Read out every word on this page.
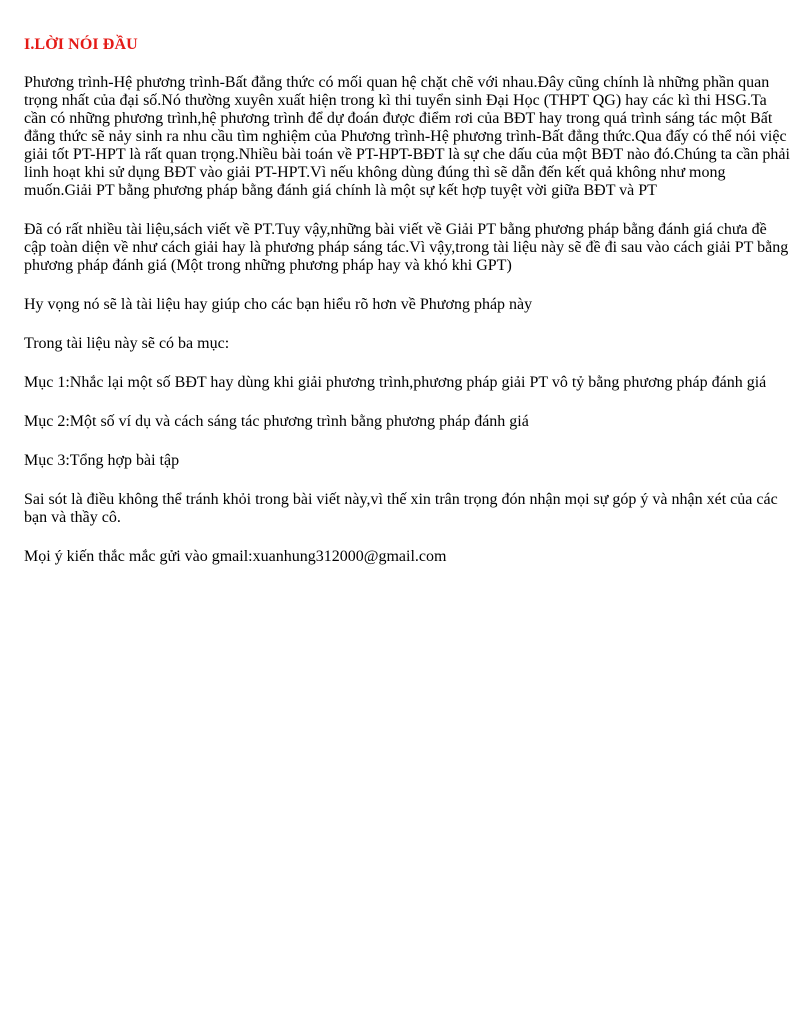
I.LỜI NÓI ĐẦU

Phương trình-Hệ phương trình-Bất đẳng thức có mối quan hệ chặt chẽ với nhau.Đây cũng chính là những phần quan trọng nhất của đại số.Nó thường xuyên xuất hiện trong kì thi tuyển sinh Đại Học (THPT QG) hay các kì thi HSG.Ta cần có những phương trình,hệ phương trình để dự đoán được điểm rơi của BĐT hay trong quá trình sáng tác một Bất đẳng thức sẽ nảy sinh ra nhu cầu tìm nghiệm của Phương trình-Hệ phương trình-Bất đẳng thức.Qua đấy có thể nói việc giải tốt PT-HPT là rất quan trọng.Nhiều bài toán về PT-HPT-BĐT là sự che dấu của một BĐT nào đó.Chúng ta cần phải linh hoạt khi sử dụng BĐT vào giải PT-HPT.Vì nếu không dùng đúng thì sẽ dẫn đến kết quả không như mong muốn.Giải PT bằng phương pháp bằng đánh giá chính là một sự kết hợp tuyệt vời giữa BĐT và PT

Đã có rất nhiều tài liệu,sách viết về PT.Tuy vậy,những bài viết về Giải PT bằng phương pháp bằng đánh giá chưa đề cập toàn diện về như cách giải hay là phương pháp sáng tác.Vì vậy,trong tài liệu này sẽ đề đi sau vào cách giải PT bằng phương pháp đánh giá (Một trong những phương pháp hay và khó khi GPT)

Hy vọng nó sẽ là tài liệu hay giúp cho các bạn hiểu rõ hơn về Phương pháp này

Trong tài liệu này sẽ có ba mục:

Mục 1:Nhắc lại một số BĐT hay dùng khi giải phương trình,phương pháp giải PT vô tỷ bằng phương pháp đánh giá

Mục 2:Một số ví dụ và cách sáng tác phương trình bằng phương pháp đánh giá

Mục 3:Tổng hợp bài tập

Sai sót là điều không thể tránh khỏi trong bài viết này,vì thế xin trân trọng đón nhận mọi sự góp ý và nhận xét của các bạn và thầy cô.

Mọi ý kiến thắc mắc gửi vào gmail:xuanhung312000@gmail.com
